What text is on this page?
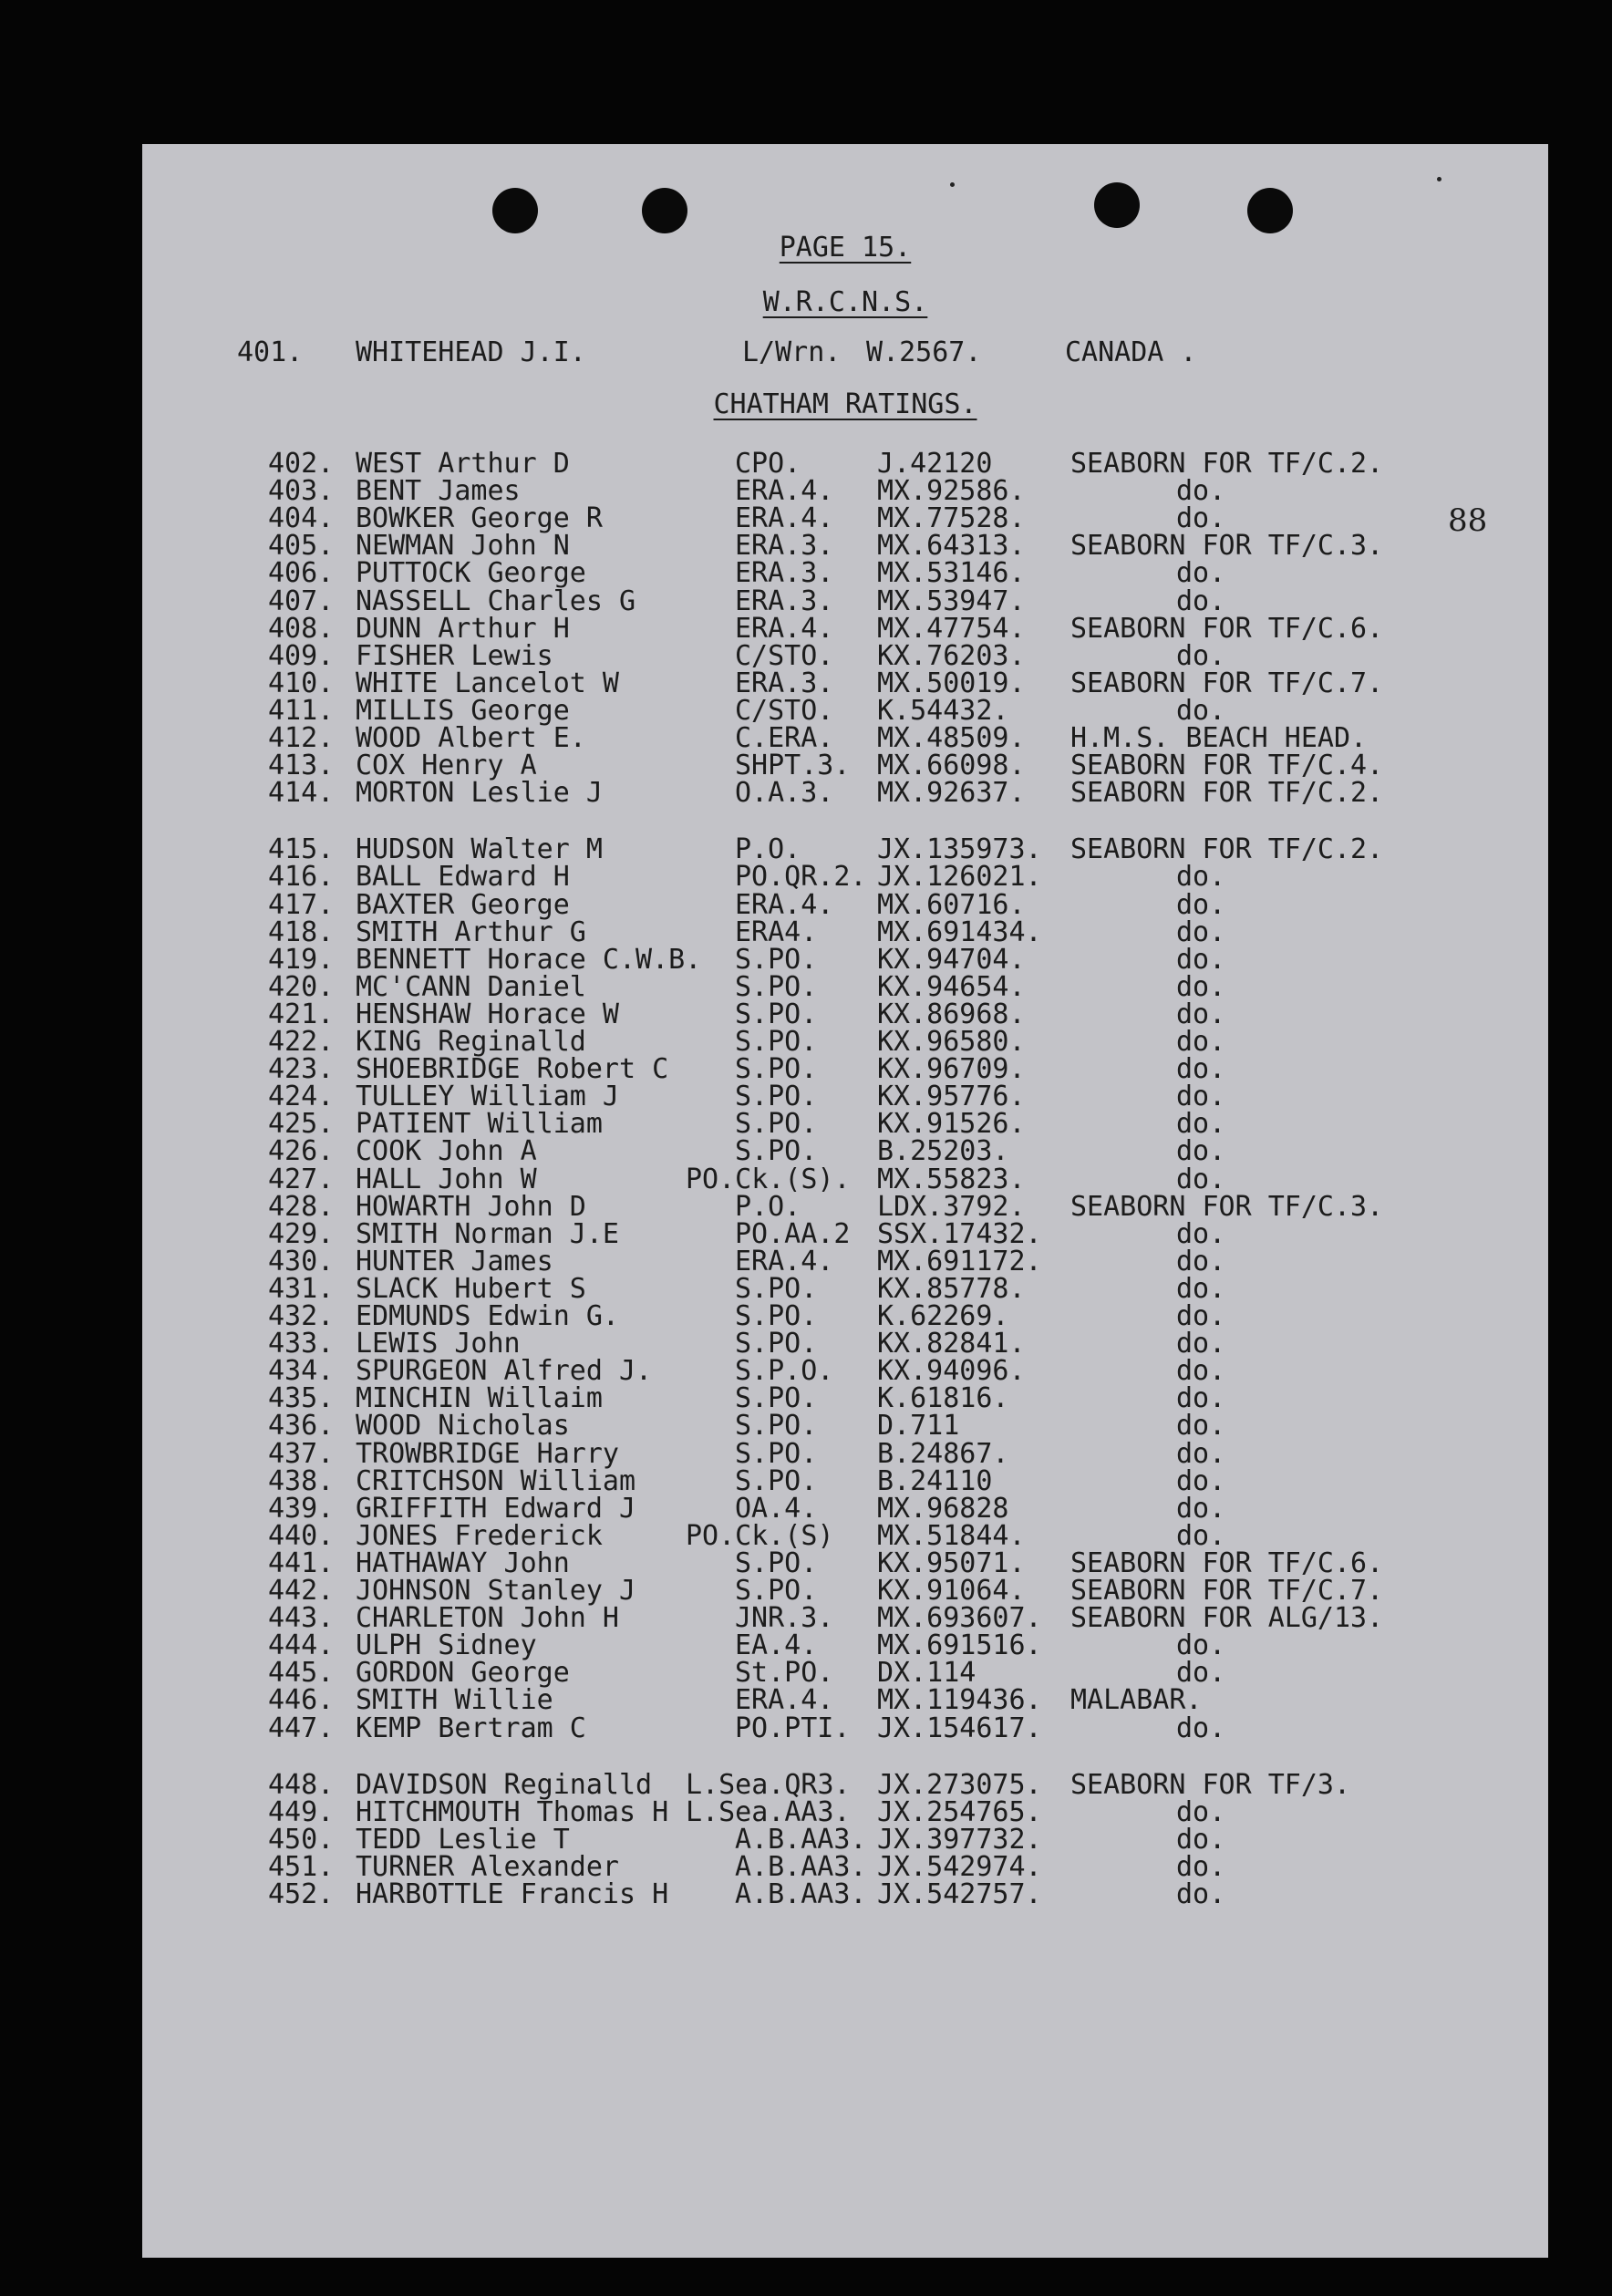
PAGE 15.
W.R.C.N.S.
401. WHITEHEAD J.I.	L/Wrn. W.2567.	CANADA .
CHATHAM RATINGS.
88
402. WEST Arthur D	CPO.	J.42120	SEABORN FOR TF/C.2.
403. BENT James	ERA.4. MX.92586.	do.
404. BOWKER George R	ERA.4. MX.77528.	do.
405. NEWMAN John N	ERA.3. MX.64313. SEABORN FOR TF/C.3.
406. PUTTOCK George	ERA.3. MX.53146.	do.
407. NASSELL Charles G	ERA.3. MX.53947.	do.
408. DUNN Arthur H	ERA.4. MX.47754. SEABORN FOR TF/C.6.
409. FISHER Lewis	C/STO. KX.76203.	do.
410. WHITE Lancelot W	ERA.3. MX.50019. SEABORN FOR TF/C.7.
411. MILLIS George	C/STO. K.54432.	do.
412. WOOD Albert E.	C.ERA. MX.48509. H.M.S. BEACH HEAD.
413. COX Henry A	SHPT.3. MX.66098. SEABORN FOR TF/C.4.
414. MORTON Leslie J	O.A.3. MX.92637. SEABORN FOR TF/C.2.
415. HUDSON Walter M	P.O.	JX.135973. SEABORN FOR TF/C.2.
416. BALL Edward H	PO.QR.2. JX.126021.	do.
417. BAXTER George	ERA.4. MX.60716.	do.
418. SMITH Arthur G	ERA4. MX.691434.	do.
419. BENNETT Horace C.W.B. S.PO. KX.94704.	do.
420. MC'CANN Daniel	S.PO. KX.94654.	do.
421. HENSHAW Horace W	S.PO. KX.86968.	do.
422. KING Reginalld	S.PO. KX.96580.	do.
423. SHOEBRIDGE Robert C S.PO. KX.96709.	do.
424. TULLEY William J	S.PO. KX.95776.	do.
425. PATIENT William	S.PO. KX.91526.	do.
426. COOK John A	S.PO. B.25203.	do.
427. HALL John W	PO.Ck.(S). MX.55823.	do.
428. HOWARTH John D	P.O.	LDX.3792. SEABORN FOR TF/C.3.
429. SMITH Norman J.E	PO.AA.2 SSX.17432.	do.
430. HUNTER James	ERA.4. MX.691172.	do.
431. SLACK Hubert S	S.PO. KX.85778.	do.
432. EDMUNDS Edwin G.	S.PO. K.62269.	do.
433. LEWIS John	S.PO. KX.82841.	do.
434. SPURGEON Alfred J.	S.P.O. KX.94096.	do.
435. MINCHIN Willaim	S.PO. K.61816.	do.
436. WOOD Nicholas	S.PO. D.711	do.
437. TROWBRIDGE Harry	S.PO. B.24867.	do.
438. CRITCHSON William	S.PO. B.24110	do.
439. GRIFFITH Edward J	OA.4. MX.96828	do.
440. JONES Frederick	PO.Ck.(S) MX.51844.	do.
441. HATHAWAY John	S.PO. KX.95071. SEABORN FOR TF/C.6.
442. JOHNSON Stanley J	S.PO. KX.91064. SEABORN FOR TF/C.7.
443. CHARLETON John H	JNR.3. MX.693607. SEABORN FOR ALG/13.
444. ULPH Sidney	EA.4. MX.691516.	do.
445. GORDON George	St.PO. DX.114	do.
446. SMITH Willie	ERA.4. MX.119436. MALABAR.
447. KEMP Bertram C	PO.PTI. JX.154617.	do.
448. DAVIDSON Reginalld L.Sea.QR3. JX.273075. SEABORN FOR TF/3.
449. HITCHMOUTH Thomas H L.Sea.AA3. JX.254765.	do.
450. TEDD Leslie T	A.B.AA3. JX.397732.	do.
451. TURNER Alexander	A.B.AA3. JX.542974.	do.
452. HARBOTTLE Francis H A.B.AA3. JX.542757.	do.
